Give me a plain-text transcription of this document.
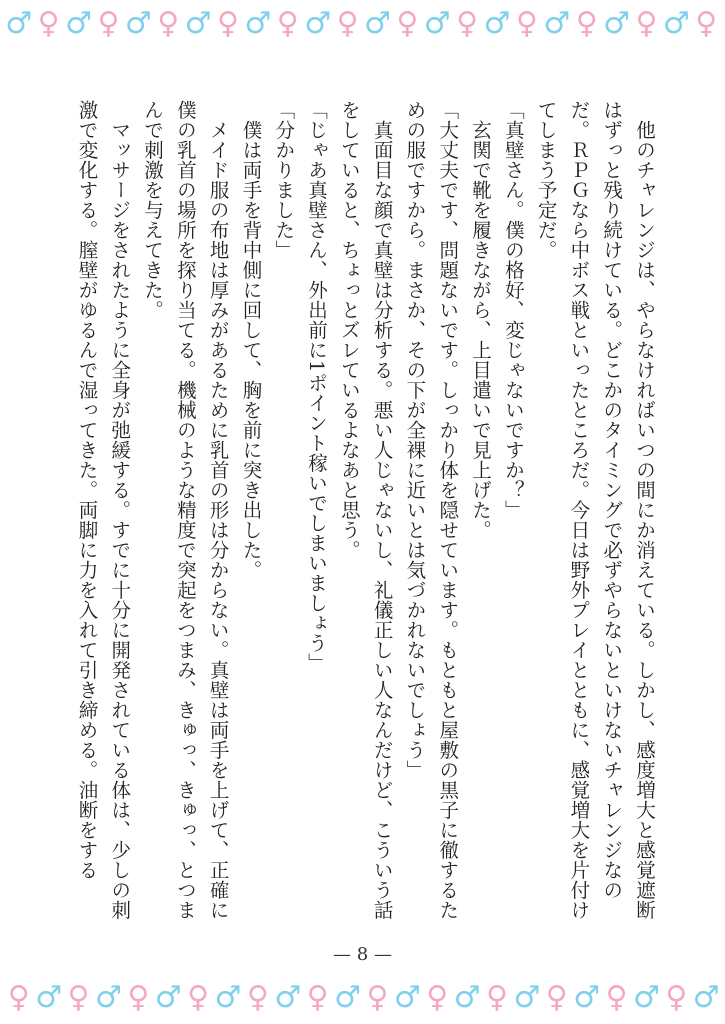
♂ ♀ ♂ ♀ ♂ ♀ ♂ ♀ ♂ ♀ ♂ ♀ ♂ ♀ ♂ ♀ ♂ ♀ ♂ ♀ ♂ ♀ ♂ ♀

　他のチャレンジは、やらなければいつの間にか消えている。しかし、感度増大と感覚遮断はずっと残り続けている。どこかのタイミングで必ずやらないといけないチャレンジなのだ。ＲＰＧなら中ボス戦といったところだ。今日は野外プレイとともに、感覚増大を片付けてしまう予定だ。

「真壁さん。僕の格好、変じゃないですか？」

　玄関で靴を履きながら、上目遣いで見上げた。

「大丈夫です、問題ないです。しっかり体を隠せています。もともと屋敷の黒子に徹するための服ですから。まさか、その下が全裸に近いとは気づかれないでしょう」

　真面目な顔で真壁は分析する。悪い人じゃないし、礼儀正しい人なんだけど、こういう話をしていると、ちょっとズレているよなあと思う。

「じゃあ真壁さん、外出前に1ポイント稼いでしまいましょう」

「分かりました」

　僕は両手を背中側に回して、胸を前に突き出した。

　メイド服の布地は厚みがあるために乳首の形は分からない。真壁は両手を上げて、正確に僕の乳首の場所を探り当てる。機械のような精度で突起をつまみ、きゅっ、きゅっ、とつまんで刺激を与えてきた。

　マッサージをされたように全身が弛緩する。すでに十分に開発されている体は、少しの刺激で変化する。膣壁がゆるんで湿ってきた。両脚に力を入れて引き締める。油断をする

— 8 —
♀ ♂ ♀ ♂ ♀ ♂ ♀ ♂ ♀ ♂ ♀ ♂ ♀ ♂ ♀ ♂ ♀ ♂ ♀ ♂ ♀ ♂ ♀ ♂
